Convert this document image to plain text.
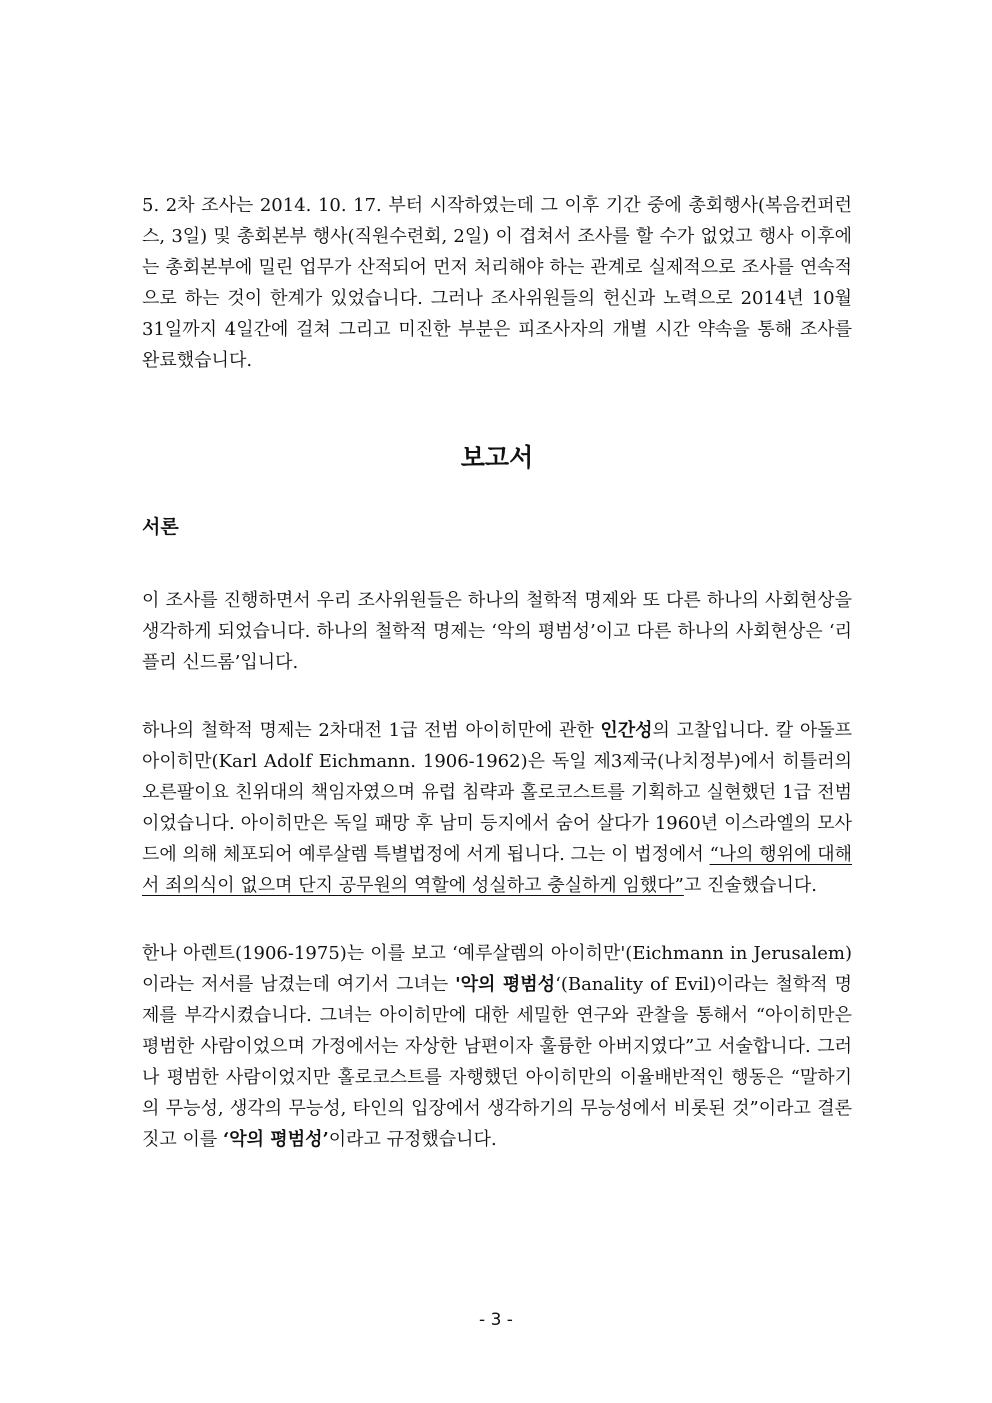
5. 2차 조사는 2014. 10. 17. 부터 시작하였는데 그 이후 기간 중에 총회행사(복음컨퍼런스, 3일) 및 총회본부 행사(직원수련회, 2일) 이 겹쳐서 조사를 할 수가 없었고 행사 이후에는 총회본부에 밀린 업무가 산적되어 먼저 처리해야 하는 관계로 실제적으로 조사를 연속적으로 하는 것이 한계가 있었습니다. 그러나 조사위원들의 헌신과 노력으로 2014년 10월 31일까지 4일간에 걸쳐 그리고 미진한 부분은 피조사자의 개별 시간 약속을 통해 조사를 완료했습니다.

보고서
서론

이 조사를 진행하면서 우리 조사위원들은 하나의 철학적 명제와 또 다른 하나의 사회현상을 생각하게 되었습니다. 하나의 철학적 명제는 ‘악의 평범성’이고 다른 하나의 사회현상은 ‘리플리 신드롬’입니다.

하나의 철학적 명제는 2차대전 1급 전범 아이히만에 관한 인간성의 고찰입니다. 칼 아돌프 아이히만(Karl Adolf Eichmann. 1906-1962)은 독일 제3제국(나치정부)에서 히틀러의 오른팔이요 친위대의 책임자였으며 유럽 침략과 홀로코스트를 기획하고 실현했던 1급 전범이었습니다. 아이히만은 독일 패망 후 남미 등지에서 숨어 살다가 1960년 이스라엘의 모사드에 의해 체포되어 예루살렘 특별법정에 서게 됩니다. 그는 이 법정에서 “나의 행위에 대해서 죄의식이 없으며 단지 공무원의 역할에 성실하고 충실하게 임했다”고 진술했습니다.

한나 아렌트(1906-1975)는 이를 보고 ‘예루살렘의 아이히만'(Eichmann in Jerusalem)이라는 저서를 남겼는데 여기서 그녀는 '악의 평범성‘(Banality of Evil)이라는 철학적 명제를 부각시켰습니다. 그녀는 아이히만에 대한 세밀한 연구와 관찰을 통해서 “아이히만은 평범한 사람이었으며 가정에서는 자상한 남편이자 훌륭한 아버지였다”고 서술합니다. 그러나 평범한 사람이었지만 홀로코스트를 자행했던 아이히만의 이율배반적인 행동은 “말하기의 무능성, 생각의 무능성, 타인의 입장에서 생각하기의 무능성에서 비롯된 것”이라고 결론짓고 이를 ‘악의 평범성’이라고 규정했습니다.

- 3 -
